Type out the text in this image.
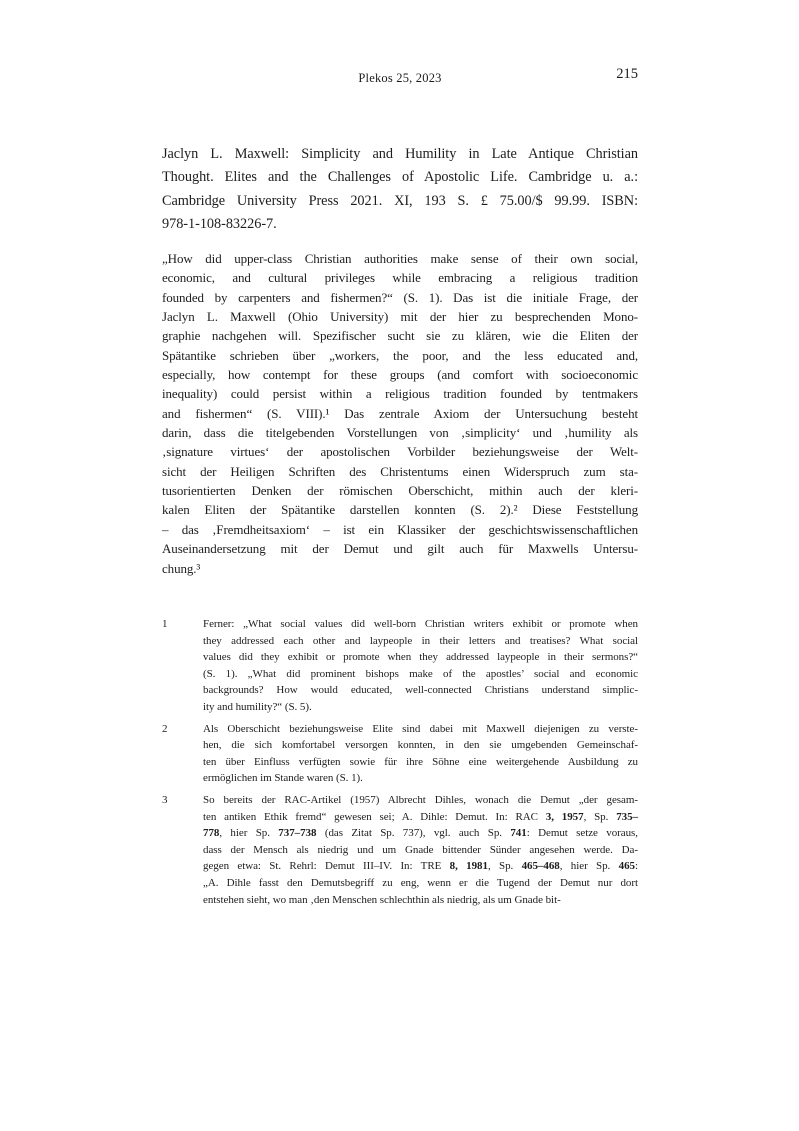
Plekos 25, 2023	215
Jaclyn L. Maxwell: Simplicity and Humility in Late Antique Christian
Thought. Elites and the Challenges of Apostolic Life. Cambridge u. a.:
Cambridge University Press 2021. XI, 193 S. £ 75.00/$ 99.99. ISBN:
978-1-108-83226-7.
„How did upper-class Christian authorities make sense of their own social,
economic, and cultural privileges while embracing a religious tradition
founded by carpenters and fishermen?“ (S. 1). Das ist die initiale Frage, der
Jaclyn L. Maxwell (Ohio University) mit der hier zu besprechenden Mono-
graphie nachgehen will. Spezifischer sucht sie zu klären, wie die Eliten der
Spätantike schrieben über „workers, the poor, and the less educated and,
especially, how contempt for these groups (and comfort with socioeconomic
inequality) could persist within a religious tradition founded by tentmakers
and fishermen“ (S. VIII).¹ Das zentrale Axiom der Untersuchung besteht
darin, dass die titelgebenden Vorstellungen von ‚simplicity‘ und ‚humility als
‚signature virtues‘ der apostolischen Vorbilder beziehungsweise der Welt-
sicht der Heiligen Schriften des Christentums einen Widerspruch zum sta-
tusorientierten Denken der römischen Oberschicht, mithin auch der kleri-
kalen Eliten der Spätantike darstellen konnten (S. 2).² Diese Feststellung
– das ‚Fremdheitsaxiom‘ – ist ein Klassiker der geschichtswissenschaftlichen
Auseinandersetzung mit der Demut und gilt auch für Maxwells Untersu-
chung.³
1	Ferner: „What social values did well-born Christian writers exhibit or promote when
they addressed each other and laypeople in their letters and treatises? What social
values did they exhibit or promote when they addressed laypeople in their sermons?“
(S. 1). „What did prominent bishops make of the apostles’ social and economic
backgrounds? How would educated, well-connected Christians understand simplic-
ity and humility?“ (S. 5).
2	Als Oberschicht beziehungsweise Elite sind dabei mit Maxwell diejenigen zu verste-
hen, die sich komfortabel versorgen konnten, in den sie umgebenden Gemeinschaf-
ten über Einfluss verfügten sowie für ihre Söhne eine weitergehende Ausbildung zu
ermöglichen im Stande waren (S. 1).
3	So bereits der RAC-Artikel (1957) Albrecht Dihles, wonach die Demut „der gesam-
ten antiken Ethik fremd“ gewesen sei; A. Dihle: Demut. In: RAC 3, 1957, Sp. 735–
778, hier Sp. 737–738 (das Zitat Sp. 737), vgl. auch Sp. 741: Demut setze voraus,
dass der Mensch als niedrig und um Gnade bittender Sünder angesehen werde. Da-
gegen etwa: St. Rehrl: Demut III–IV. In: TRE 8, 1981, Sp. 465–468, hier Sp. 465:
„A. Dihle fasst den Demutsbegriff zu eng, wenn er die Tugend der Demut nur dort
entstehen sieht, wo man ‚den Menschen schlechthin als niedrig, als um Gnade bit-
